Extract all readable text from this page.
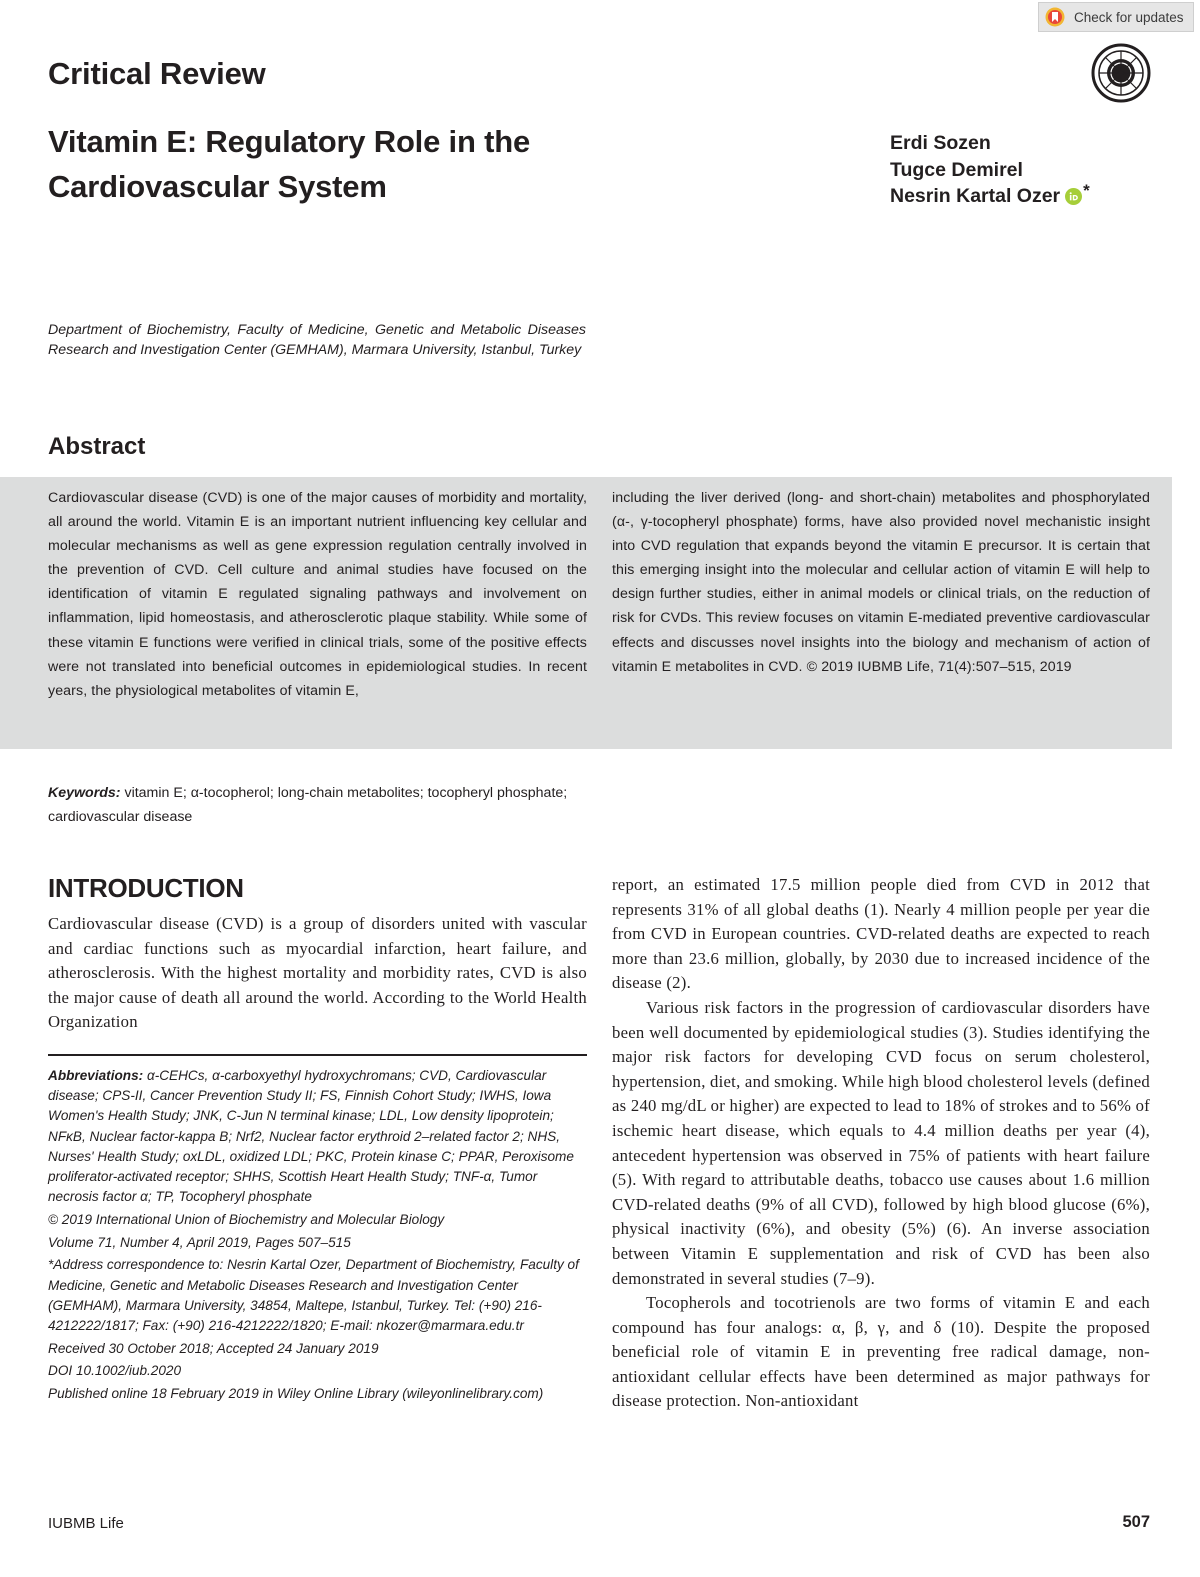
Check for updates
Critical Review
Vitamin E: Regulatory Role in the Cardiovascular System
Erdi Sozen
Tugce Demirel
Nesrin Kartal Ozer *
Department of Biochemistry, Faculty of Medicine, Genetic and Metabolic Diseases Research and Investigation Center (GEMHAM), Marmara University, Istanbul, Turkey
Abstract
Cardiovascular disease (CVD) is one of the major causes of morbidity and mortality, all around the world. Vitamin E is an important nutrient influencing key cellular and molecular mechanisms as well as gene expression regulation centrally involved in the prevention of CVD. Cell culture and animal studies have focused on the identification of vitamin E regulated signaling pathways and involvement on inflammation, lipid homeostasis, and atherosclerotic plaque stability. While some of these vitamin E functions were verified in clinical trials, some of the positive effects were not translated into beneficial outcomes in epidemiological studies. In recent years, the physiological metabolites of vitamin E,
including the liver derived (long- and short-chain) metabolites and phosphorylated (α-, γ-tocopheryl phosphate) forms, have also provided novel mechanistic insight into CVD regulation that expands beyond the vitamin E precursor. It is certain that this emerging insight into the molecular and cellular action of vitamin E will help to design further studies, either in animal models or clinical trials, on the reduction of risk for CVDs. This review focuses on vitamin E-mediated preventive cardiovascular effects and discusses novel insights into the biology and mechanism of action of vitamin E metabolites in CVD. © 2019 IUBMB Life, 71(4):507–515, 2019
Keywords: vitamin E; α-tocopherol; long-chain metabolites; tocopheryl phosphate; cardiovascular disease
INTRODUCTION
Cardiovascular disease (CVD) is a group of disorders united with vascular and cardiac functions such as myocardial infarction, heart failure, and atherosclerosis. With the highest mortality and morbidity rates, CVD is also the major cause of death all around the world. According to the World Health Organization

Abbreviations: α-CEHCs, α-carboxyethyl hydroxychromans; CVD, Cardiovascular disease; CPS-II, Cancer Prevention Study II; FS, Finnish Cohort Study; IWHS, Iowa Women's Health Study; JNK, C-Jun N terminal kinase; LDL, Low density lipoprotein; NFκB, Nuclear factor-kappa B; Nrf2, Nuclear factor erythroid 2–related factor 2; NHS, Nurses' Health Study; oxLDL, oxidized LDL; PKC, Protein kinase C; PPAR, Peroxisome proliferator-activated receptor; SHHS, Scottish Heart Health Study; TNF-α, Tumor necrosis factor α; TP, Tocopheryl phosphate

© 2019 International Union of Biochemistry and Molecular Biology

Volume 71, Number 4, April 2019, Pages 507–515

*Address correspondence to: Nesrin Kartal Ozer, Department of Biochemistry, Faculty of Medicine, Genetic and Metabolic Diseases Research and Investigation Center (GEMHAM), Marmara University, 34854, Maltepe, Istanbul, Turkey. Tel: (+90) 216-4212222/1817; Fax: (+90) 216-4212222/1820; E-mail: nkozer@marmara.edu.tr

Received 30 October 2018; Accepted 24 January 2019

DOI 10.1002/iub.2020

Published online 18 February 2019 in Wiley Online Library (wileyonlinelibrary.com)

report, an estimated 17.5 million people died from CVD in 2012 that represents 31% of all global deaths (1). Nearly 4 million people per year die from CVD in European countries. CVD-related deaths are expected to reach more than 23.6 million, globally, by 2030 due to increased incidence of the disease (2).

Various risk factors in the progression of cardiovascular disorders have been well documented by epidemiological studies (3). Studies identifying the major risk factors for developing CVD focus on serum cholesterol, hypertension, diet, and smoking. While high blood cholesterol levels (defined as 240 mg/dL or higher) are expected to lead to 18% of strokes and to 56% of ischemic heart disease, which equals to 4.4 million deaths per year (4), antecedent hypertension was observed in 75% of patients with heart failure (5). With regard to attributable deaths, tobacco use causes about 1.6 million CVD-related deaths (9% of all CVD), followed by high blood glucose (6%), physical inactivity (6%), and obesity (5%) (6). An inverse association between Vitamin E supplementation and risk of CVD has been also demonstrated in several studies (7–9).

Tocopherols and tocotrienols are two forms of vitamin E and each compound has four analogs: α, β, γ, and δ (10). Despite the proposed beneficial role of vitamin E in preventing free radical damage, non-antioxidant cellular effects have been determined as major pathways for disease protection. Non-antioxidant

IUBMB Life	507
